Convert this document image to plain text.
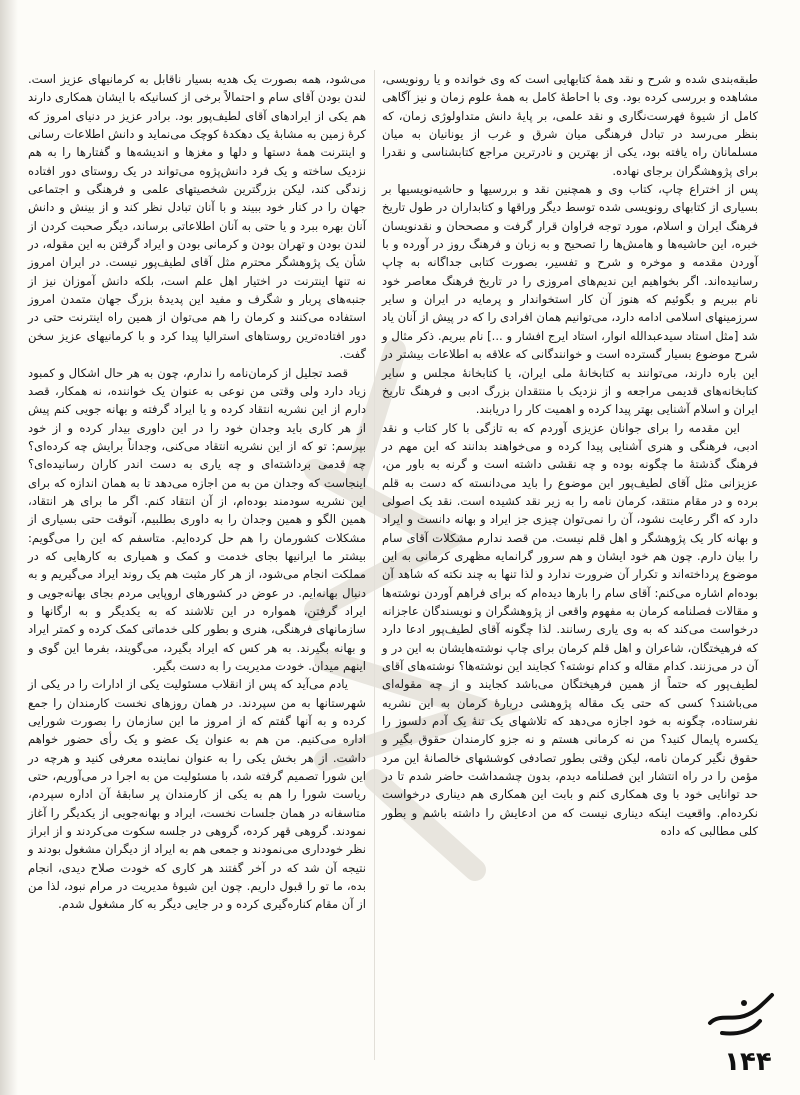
طبقه‌بندی شده و شرح و نقد همهٔ کتابهایی است که وی خوانده و یا رونویسی، مشاهده و بررسی کرده بود. وی با احاطهٔ کامل به همهٔ علوم زمان و نیز آگاهی کامل از شیوهٔ فهرست‌نگاری و نقد علمی، بر پایهٔ دانش متداولوژی زمان، که بنظر می‌رسد در تبادل فرهنگی میان شرق و غرب از یونانیان به میان مسلمانان راه یافته بود، یکی از بهترین و نادرترین مراجع کتابشناسی و نقدرا برای پژوهشگران برجای نهاده.

پس از اختراع چاپ، کتاب وی و همچنین نقد و بررسیها و حاشیه‌نویسیها بر بسیاری از کتابهای رونویسی شده توسط دیگر وراقها و کتابداران در طول تاریخ فرهنگ ایران و اسلام، مورد توجه فراوان قرار گرفت و مصححان و نقدنویسان خبره، این حاشیه‌ها و هامش‌ها را تصحیح و به زبان و فرهنگ روز در آورده و با آوردن مقدمه و موخره و شرح و تفسیر، بصورت کتابی جداگانه به چاپ رسانیده‌اند. اگر بخواهیم این ندیم‌های امروزی را در تاریخ فرهنگ معاصر خود نام ببریم و بگوئیم که هنوز آن کار استخواندار و پرمایه در ایران و سایر سرزمینهای اسلامی ادامه دارد، می‌توانیم همان افرادی را که در پیش از آنان یاد شد [مثل استاد سیدعبدالله انوار، استاد ایرج افشار و ...] نام ببریم. ذکر مثال و شرح موضوع بسیار گسترده است و خوانندگانی که علاقه به اطلاعات بیشتر در این باره دارند، می‌توانند به کتابخانهٔ ملی ایران، یا کتابخانهٔ مجلس و سایر کتابخانه‌های قدیمی مراجعه و از نزدیک با منتقدان بزرگ ادبی و فرهنگ تاریخ ایران و اسلام آشنایی بهتر پیدا کرده و اهمیت کار را دریابند.

این مقدمه را برای جوانان عزیزی آوردم که به تازگی با کار کتاب و نقد ادبی، فرهنگی و هنری آشنایی پیدا کرده و می‌خواهند بدانند که این مهم در فرهنگ گذشتهٔ ما چگونه بوده و چه نقشی داشته است و گرنه به باور من، عزیزانی مثل آقای لطیف‌پور این موضوع را باید می‌دانسته که دست به قلم برده و در مقام منتقد، کرمان نامه را به زیر نقد کشیده است. نقد یک اصولی دارد که اگر رعایت نشود، آن را نمی‌توان چیزی جز ایراد و بهانه دانست و ایراد و بهانه کار یک پژوهشگر و اهل قلم نیست. من قصد ندارم مشکلات آقای سام را بیان دارم. چون هم خود ایشان و هم سرور گرانمایه مظهری کرمانی به این موضوع پرداخته‌اند و تکرار آن ضرورت ندارد و لذا تنها به چند نکته که شاهد آن بوده‌ام اشاره می‌کنم: آقای سام را بارها دیده‌ام که برای فراهم آوردن نوشته‌ها و مقالات فصلنامه کرمان به مفهوم واقعی از پژوهشگران و نویسندگان عاجزانه درخواست می‌کند که به وی یاری رسانند. لذا چگونه آقای لطیف‌پور ادعا دارد که فرهیختگان، شاعران و اهل قلم کرمان برای چاپ نوشته‌هایشان به این در و آن در می‌زنند. کدام مقاله و کدام نوشته؟ کجایند این نوشته‌ها؟ نوشته‌های آقای لطیف‌پور که حتماً از همین فرهیختگان می‌باشد کجایند و از چه مقوله‌ای می‌باشند؟ کسی که حتی یک مقاله پژوهشی دربارهٔ کرمان به این نشریه نفرستاده، چگونه به خود اجازه می‌دهد که تلاشهای یک تنۀ یک آدم دلسوز را یکسره پایمال کنید؟ من نه کرمانی هستم و نه جزو کارمندان حقوق بگیر و حقوق نگیر کرمان نامه، لیکن وقتی بطور تصادفی کوششهای خالصانهٔ این مرد مؤمن را در راه انتشار این فصلنامه دیدم، بدون چشمداشت حاضر شدم تا در حد توانایی خود با وی همکاری کنم و بابت این همکاری هم دیناری درخواست نکرده‌ام. واقعیت اینکه دیناری نیست که من ادعایش را داشته باشم و بطور کلی مطالبی که داده

می‌شود، همه بصورت یک هدیه بسیار ناقابل به کرمانیهای عزیز است. لندن بودن آقای سام و احتمالاً برخی از کسانیکه با ایشان همکاری دارند هم یکی از ایرادهای آقای لطیف‌پور بود. برادر عزیز در دنیای امروز که کرهٔ زمین به مشابهٔ یک دهکدهٔ کوچک می‌نماید و دانش اطلاعات رسانی و اینترنت همهٔ دستها و دلها و مغزها و اندیشه‌ها و گفتارها را به هم نزدیک ساخته و یک فرد دانش‌پژوه می‌تواند در یک روستای دور افتاده زندگی کند، لیکن بزرگترین شخصیتهای علمی و فرهنگی و اجتماعی جهان را در کنار خود ببیند و با آنان تبادل نظر کند و از بینش و دانش آنان بهره ببرد و یا حتی به آنان اطلاعاتی برساند، دیگر صحبت کردن از لندن بودن و تهران بودن و کرمانی بودن و ایراد گرفتن به این مقوله، در شأن یک پژوهشگر محترم مثل آقای لطیف‌پور نیست. در ایران امروز نه تنها اینترنت در اختیار اهل علم است، بلکه دانش آموزان نیز از جنبه‌های پربار و شگرف و مفید این پدیدهٔ بزرگ جهان متمدن امروز استفاده می‌کنند و کرمان را هم می‌توان از همین راه اینترنت حتی در دور افتاده‌ترین روستاهای استرالیا پیدا کرد و با کرمانیهای عزیز سخن گفت.

قصد تجلیل از کرمان‌نامه را ندارم، چون به هر حال اشکال و کمبود زیاد دارد ولی وقتی من نوعی به عنوان یک خواننده، نه همکار، قصد دارم از این نشریه انتقاد کرده و یا ایراد گرفته و بهانه جویی کنم پیش از هر کاری باید وجدان خود را در این داوری بیدار کرده و از خود بپرسم: تو که از این نشریه انتقاد می‌کنی، وجداناً برایش چه کرده‌ای؟ چه قدمی برداشته‌ای و چه یاری به دست اندر کاران رسانیده‌ای؟ اینجاست که وجدان من به من اجازه می‌دهد تا به همان اندازه که برای این نشریه سودمند بوده‌ام، از آن انتقاد کنم. اگر ما برای هر انتقاد، همین الگو و همین وجدان را به داوری بطلبیم، آنوقت حتی بسیاری از مشکلات کشورمان را هم حل کرده‌ایم. متاسفم که این را می‌گویم: بیشتر ما ایرانیها بجای خدمت و کمک و همیاری به کارهایی که در مملکت انجام می‌شود، از هر کار مثبت هم یک روند ایراد می‌گیریم و به دنبال بهانه‌ایم. در عوض در کشورهای اروپایی مردم بجای بهانه‌جویی و ایراد گرفتن، همواره در این تلاشند که به یکدیگر و به ارگانها و سازمانهای فرهنگی، هنری و بطور کلی خدماتی کمک کرده و کمتر ایراد و بهانه بگیرند. به هر کس که ایراد بگیرد، می‌گویند، بفرما این گوی و اینهم میدان. خودت مدیریت را به دست بگیر.

یادم می‌آید که پس از انقلاب مسئولیت یکی از ادارات را در یکی از شهرستانها به من سپردند. در همان روزهای نخست کارمندان را جمع کرده و به آنها گفتم که از امروز ما این سازمان را بصورت شورایی اداره می‌کنیم. من هم به عنوان یک عضو و یک رأی حضور خواهم داشت. از هر بخش یکی را به عنوان نماینده معرفی کنید و هرچه در این شورا تصمیم گرفته شد، با مسئولیت من به اجرا در می‌آوریم، حتی ریاست شورا را هم به یکی از کارمندان پر سابقهٔ آن اداره سپردم، متاسفانه در همان جلسات نخست، ایراد و بهانه‌جویی از یکدیگر را آغاز نمودند. گروهی قهر کرده، گروهی در جلسه سکوت می‌کردند و از ابراز نظر خودداری می‌نمودند و جمعی هم به ایراد از دیگران مشغول بودند و نتیجه آن شد که در آخر گفتند هر کاری که خودت صلاح دیدی، انجام بده، ما تو را قبول داریم. چون این شیوهٔ مدیریت در مرام نبود، لذا من از آن مقام کناره‌گیری کرده و در جایی دیگر به کار مشغول شدم.

۱۴۴
